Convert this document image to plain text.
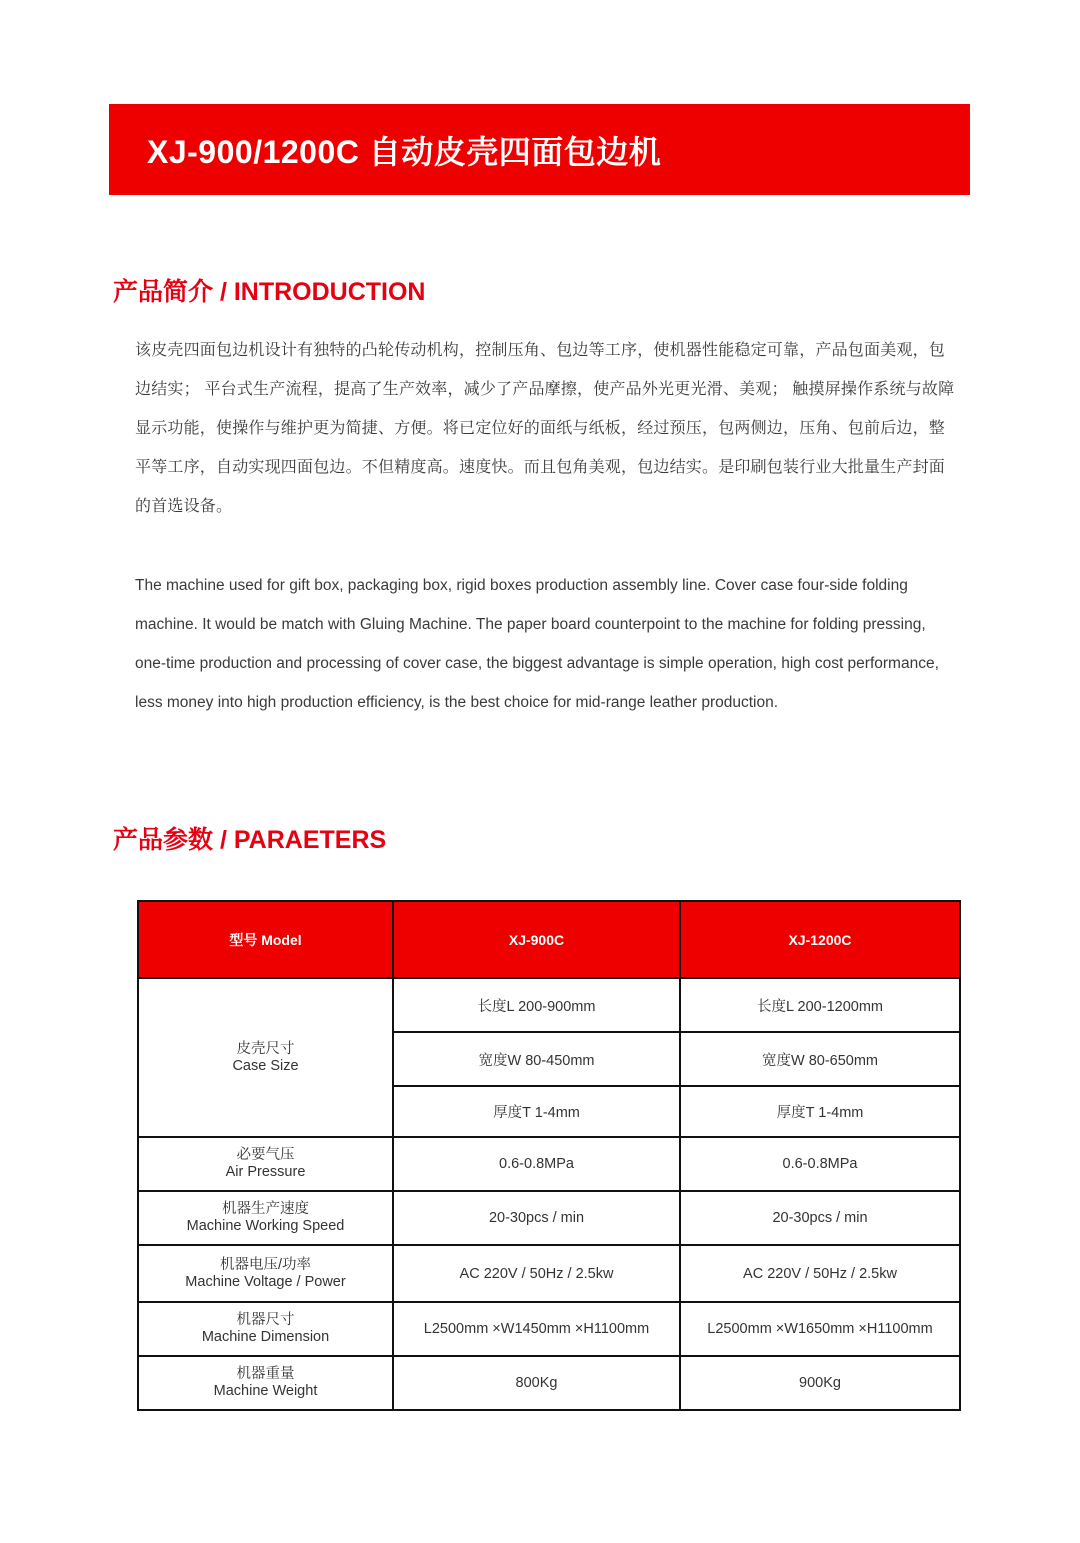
XJ-900/1200C 自动皮壳四面包边机
产品简介 / INTRODUCTION

该皮壳四面包边机设计有独特的凸轮传动机构，控制压角、包边等工序，使机器性能稳定可靠，产品包面美观，包边结实； 平台式生产流程，提高了生产效率，减少了产品摩擦，使产品外光更光滑、美观； 触摸屏操作系统与故障显示功能，使操作与维护更为简捷、方便。将已定位好的面纸与纸板，经过预压，包两侧边，压角、包前后边，整平等工序，自动实现四面包边。不但精度高。速度快。而且包角美观，包边结实。是印刷包装行业大批量生产封面的首选设备。

The machine used for gift box, packaging box, rigid boxes production assembly line. Cover case four-side folding machine. It would be match with Gluing Machine. The paper board counterpoint to the machine for folding pressing, one-time production and processing of cover case, the biggest advantage is simple operation, high cost performance, less money into high production efficiency, is the best choice for mid-range leather production.

产品参数 / PARAETERS
型号 Model	XJ-900C	XJ-1200C

皮壳尺寸
Case Size	长度L 200-900mm	长度L 200-1200mm
	宽度W 80-450mm	宽度W 80-650mm
	厚度T 1-4mm	厚度T 1-4mm

必要气压
Air Pressure	0.6-0.8MPa	0.6-0.8MPa

机器生产速度
Machine Working Speed	20-30pcs / min	20-30pcs / min

机器电压/功率
Machine Voltage / Power	AC 220V / 50Hz / 2.5kw	AC 220V / 50Hz / 2.5kw

机器尺寸
Machine Dimension	L2500mm ×W1450mm ×H1100mm	L2500mm ×W1650mm ×H1100mm

机器重量
Machine Weight	800Kg	900Kg
